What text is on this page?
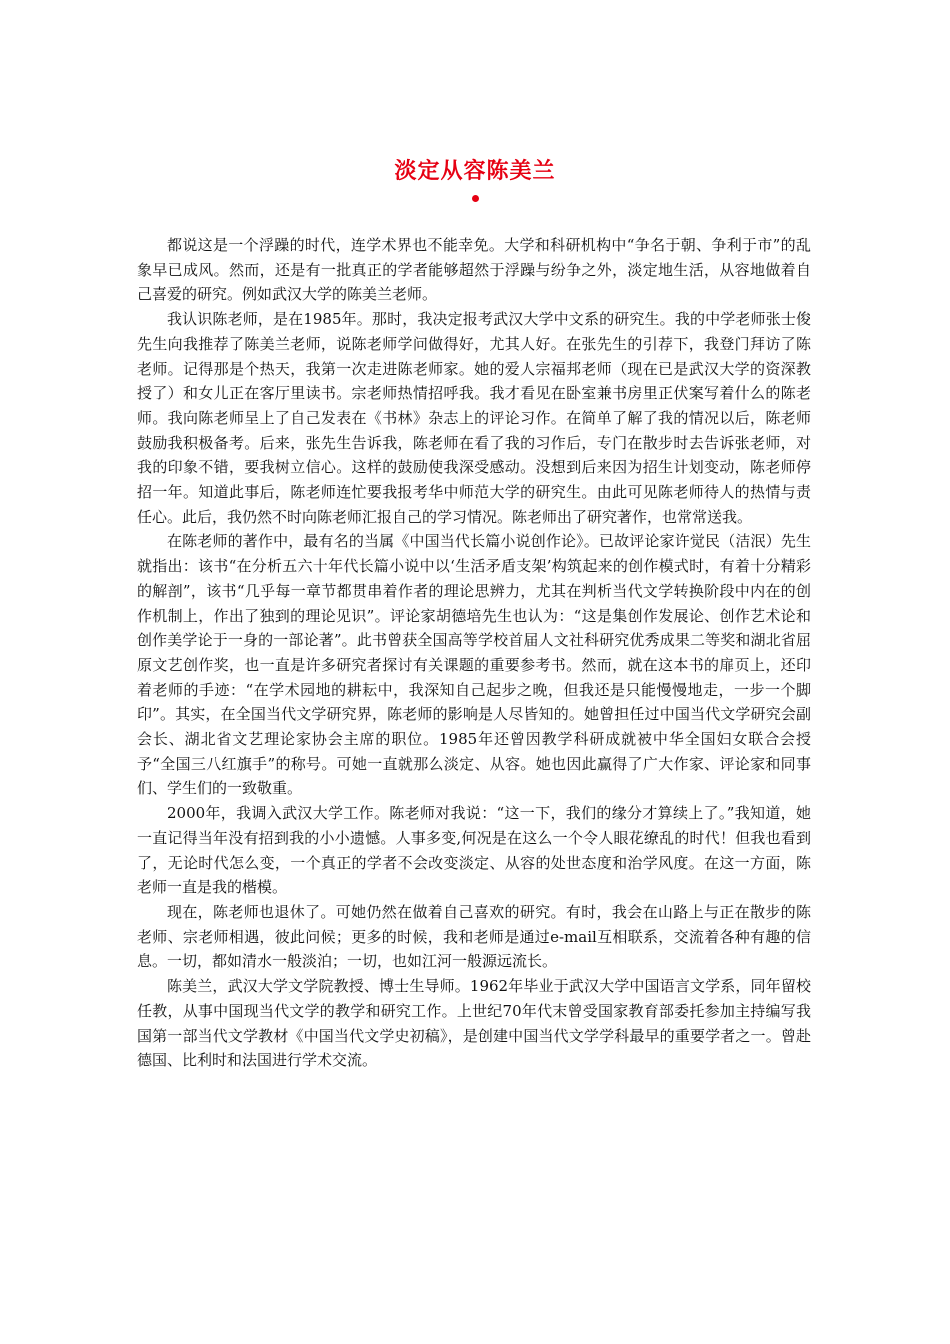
淡定从容陈美兰

都说这是一个浮躁的时代，连学术界也不能幸免。大学和科研机构中“争名于朝、争利于市”的乱象早已成风。然而，还是有一批真正的学者能够超然于浮躁与纷争之外，淡定地生活，从容地做着自己喜爱的研究。例如武汉大学的陈美兰老师。

我认识陈老师，是在1985年。那时，我决定报考武汉大学中文系的研究生。我的中学老师张士俊先生向我推荐了陈美兰老师，说陈老师学问做得好，尤其人好。在张先生的引荐下，我登门拜访了陈老师。记得那是个热天，我第一次走进陈老师家。她的爱人宗福邦老师（现在已是武汉大学的资深教授了）和女儿正在客厅里读书。宗老师热情招呼我。我才看见在卧室兼书房里正伏案写着什么的陈老师。我向陈老师呈上了自己发表在《书林》杂志上的评论习作。在简单了解了我的情况以后，陈老师鼓励我积极备考。后来，张先生告诉我，陈老师在看了我的习作后，专门在散步时去告诉张老师，对我的印象不错，要我树立信心。这样的鼓励使我深受感动。没想到后来因为招生计划变动，陈老师停招一年。知道此事后，陈老师连忙要我报考华中师范大学的研究生。由此可见陈老师待人的热情与责任心。此后，我仍然不时向陈老师汇报自己的学习情况。陈老师出了研究著作，也常常送我。

在陈老师的著作中，最有名的当属《中国当代长篇小说创作论》。已故评论家许觉民（洁泯）先生就指出：该书“在分析五六十年代长篇小说中以‘生活矛盾支架’构筑起来的创作模式时，有着十分精彩的解剖”，该书“几乎每一章节都贯串着作者的理论思辨力，尤其在判析当代文学转换阶段中内在的创作机制上，作出了独到的理论见识”。评论家胡德培先生也认为：“这是集创作发展论、创作艺术论和创作美学论于一身的一部论著”。此书曾获全国高等学校首届人文社科研究优秀成果二等奖和湖北省屈原文艺创作奖，也一直是许多研究者探讨有关课题的重要参考书。然而，就在这本书的扉页上，还印着老师的手迹：“在学术园地的耕耘中，我深知自己起步之晚，但我还是只能慢慢地走，一步一个脚印”。其实，在全国当代文学研究界，陈老师的影响是人尽皆知的。她曾担任过中国当代文学研究会副会长、湖北省文艺理论家协会主席的职位。1985年还曾因教学科研成就被中华全国妇女联合会授予“全国三八红旗手”的称号。可她一直就那么淡定、从容。她也因此赢得了广大作家、评论家和同事们、学生们的一致敬重。

2000年，我调入武汉大学工作。陈老师对我说：“这一下，我们的缘分才算续上了。”我知道，她一直记得当年没有招到我的小小遗憾。人事多变,何况是在这么一个令人眼花缭乱的时代！但我也看到了，无论时代怎么变，一个真正的学者不会改变淡定、从容的处世态度和治学风度。在这一方面，陈老师一直是我的楷模。

现在，陈老师也退休了。可她仍然在做着自己喜欢的研究。有时，我会在山路上与正在散步的陈老师、宗老师相遇，彼此问候；更多的时候，我和老师是通过e-mail互相联系，交流着各种有趣的信息。一切，都如清水一般淡泊；一切，也如江河一般源远流长。

陈美兰，武汉大学文学院教授、博士生导师。1962年毕业于武汉大学中国语言文学系，同年留校任教，从事中国现当代文学的教学和研究工作。上世纪70年代末曾受国家教育部委托参加主持编写我国第一部当代文学教材《中国当代文学史初稿》，是创建中国当代文学学科最早的重要学者之一。曾赴德国、比利时和法国进行学术交流。
